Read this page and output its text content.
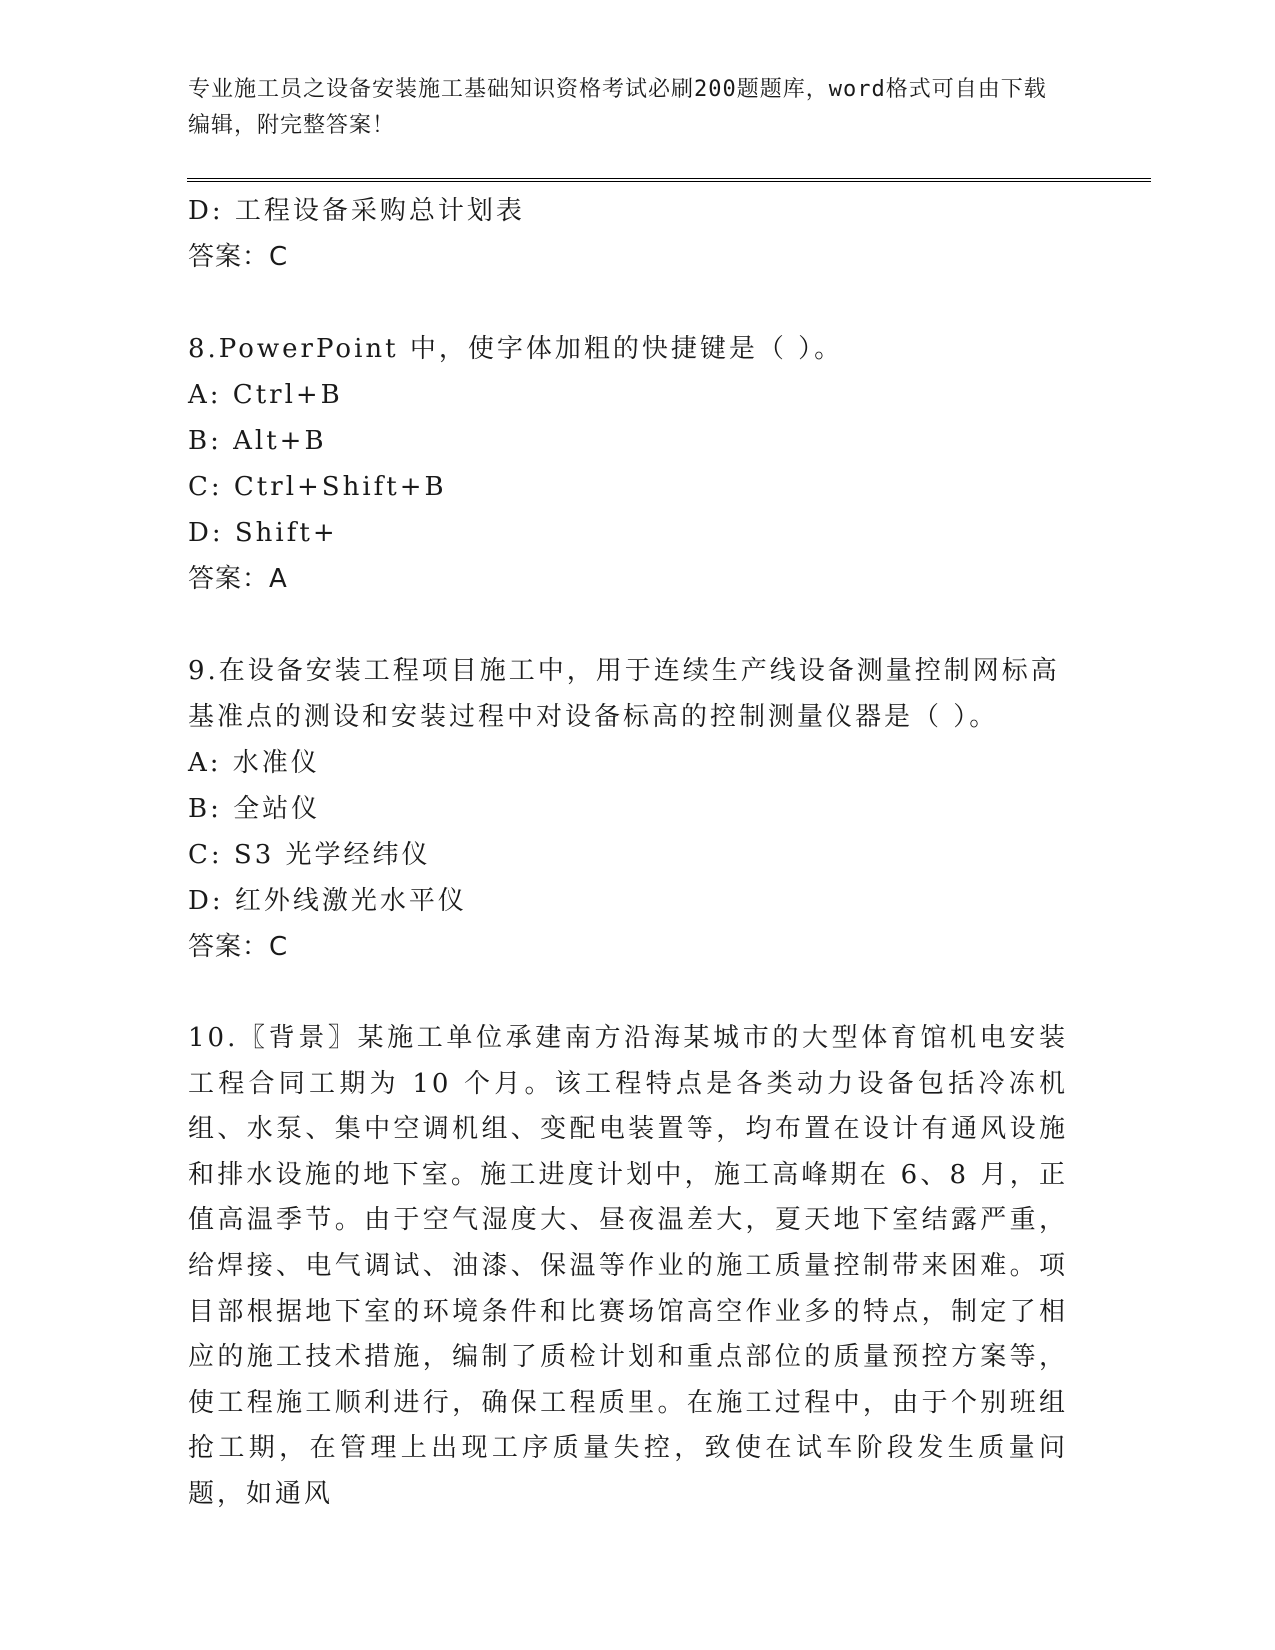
专业施工员之设备安装施工基础知识资格考试必刷200题题库，word格式可自由下载编辑，附完整答案！
D: 工程设备采购总计划表
答案：C
8.PowerPoint 中，使字体加粗的快捷键是（ ）。
A: Ctrl+B
B: Alt+B
C: Ctrl+Shift+B
D: Shift+
答案：A
9.在设备安装工程项目施工中，用于连续生产线设备测量控制网标高
基准点的测设和安装过程中对设备标高的控制测量仪器是（ ）。
A: 水准仪
B: 全站仪
C: S3 光学经纬仪
D: 红外线激光水平仪
答案：C
10.〖背景〗某施工单位承建南方沿海某城市的大型体育馆机电安装工程合同工期为 10 个月。该工程特点是各类动力设备包括冷冻机组、水泵、集中空调机组、变配电装置等，均布置在设计有通风设施和排水设施的地下室。施工进度计划中，施工高峰期在 6、8 月，正值高温季节。由于空气湿度大、昼夜温差大，夏天地下室结露严重，给焊接、电气调试、油漆、保温等作业的施工质量控制带来困难。项目部根据地下室的环境条件和比赛场馆高空作业多的特点，制定了相应的施工技术措施，编制了质检计划和重点部位的质量预控方案等，使工程施工顺利进行，确保工程质里。在施工过程中，由于个别班组抢工期，在管理上出现工序质量失控，致使在试车阶段发生质量问题，如通风
